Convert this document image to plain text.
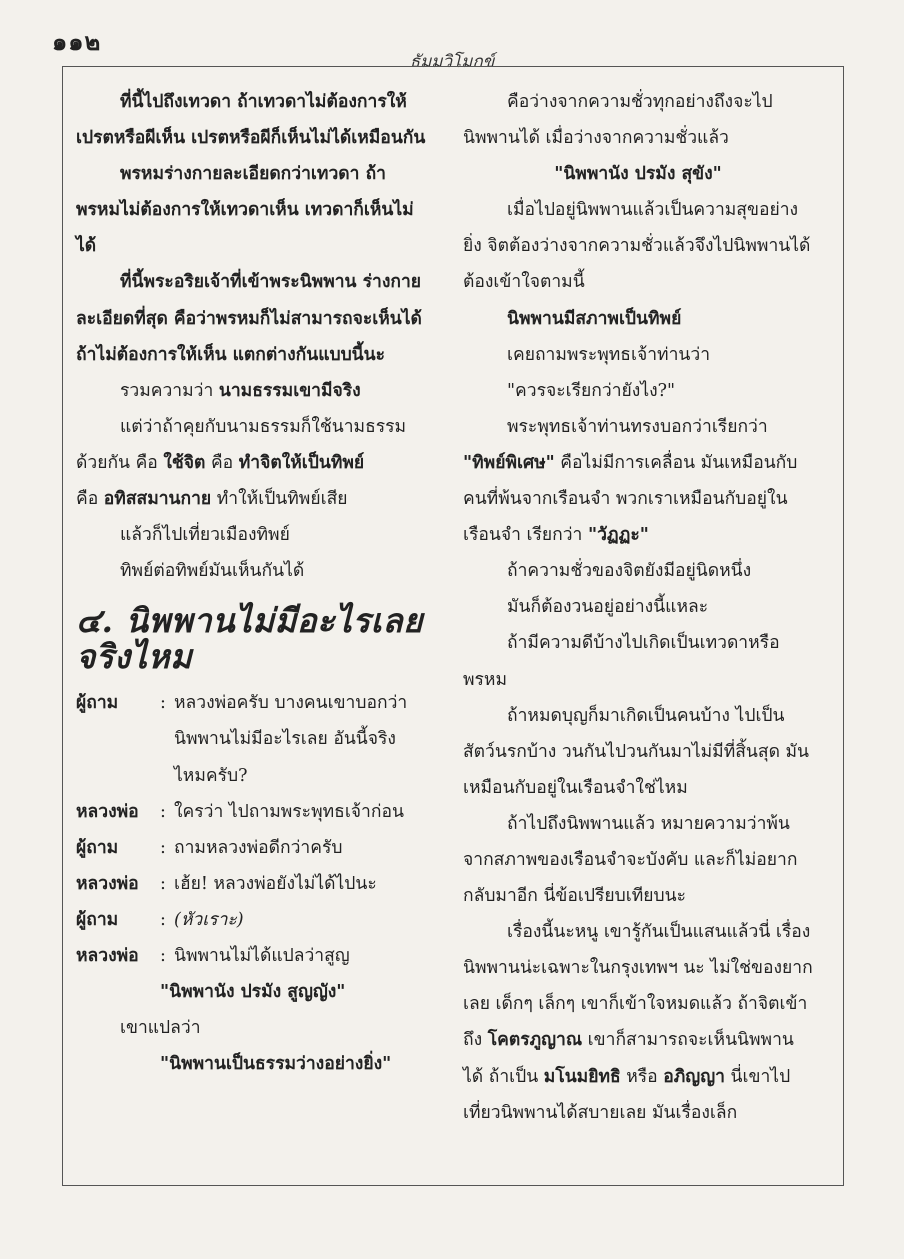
๑๑๒
ธัมมวิโมกข์

ที่นี้ไปถึงเทวดา ถ้าเทวดาไม่ต้องการให้เปรตหรือผีเห็น เปรตหรือผีก็เห็นไม่ได้เหมือนกัน

พรหมร่างกายละเอียดกว่าเทวดา ถ้าพรหมไม่ต้องการให้เทวดาเห็น เทวดาก็เห็นไม่ได้

ที่นี้พระอริยเจ้าที่เข้าพระนิพพาน ร่างกายละเอียดที่สุด คือว่าพรหมก็ไม่สามารถจะเห็นได้ ถ้าไม่ต้องการให้เห็น แตกต่างกันแบบนี้นะ

รวมความว่า นามธรรมเขามีจริง

แต่ว่าถ้าคุยกับนามธรรมก็ใช้นามธรรมด้วยกัน คือ ใช้จิต คือ ทำจิตให้เป็นทิพย์

คือ อทิสสมานกาย ทำให้เป็นทิพย์เสีย

แล้วก็ไปเที่ยวเมืองทิพย์

ทิพย์ต่อทิพย์มันเห็นกันได้

๔. นิพพานไม่มีอะไรเลยจริงไหม
ผู้ถาม	: หลวงพ่อครับ บางคนเขาบอกว่า นิพพานไม่มีอะไรเลย อันนี้จริงไหมครับ?
หลวงพ่อ	: ใครว่า ไปถามพระพุทธเจ้าก่อน
ผู้ถาม	: ถามหลวงพ่อดีกว่าครับ
หลวงพ่อ	: เฮ้ย! หลวงพ่อยังไม่ได้ไปนะ
ผู้ถาม	: (หัวเราะ)
หลวงพ่อ	: นิพพานไม่ได้แปลว่าสูญ

"นิพพานัง ปรมัง สูญญัง"

เขาแปลว่า

"นิพพานเป็นธรรมว่างอย่างยิ่ง"

คือว่างจากความชั่วทุกอย่างถึงจะไปนิพพานได้ เมื่อว่างจากความชั่วแล้ว

"นิพพานัง ปรมัง สุขัง"

เมื่อไปอยู่นิพพานแล้วเป็นความสุขอย่างยิ่ง จิตต้องว่างจากความชั่วแล้วจึงไปนิพพานได้ ต้องเข้าใจตามนี้

นิพพานมีสภาพเป็นทิพย์

เคยถามพระพุทธเจ้าท่านว่า

"ควรจะเรียกว่ายังไง?"

พระพุทธเจ้าท่านทรงบอกว่าเรียกว่า

"ทิพย์พิเศษ" คือไม่มีการเคลื่อน มันเหมือนกับคนที่พ้นจากเรือนจำ พวกเราเหมือนกับอยู่ในเรือนจำ เรียกว่า "วัฏฏะ"

ถ้าความชั่วของจิตยังมีอยู่นิดหนึ่ง

มันก็ต้องวนอยู่อย่างนี้แหละ

ถ้ามีความดีบ้างไปเกิดเป็นเทวดาหรือพรหม

ถ้าหมดบุญก็มาเกิดเป็นคนบ้าง ไปเป็นสัตว์นรกบ้าง วนกันไปวนกันมาไม่มีที่สิ้นสุด มันเหมือนกับอยู่ในเรือนจำใช่ไหม

ถ้าไปถึงนิพพานแล้ว หมายความว่าพ้นจากสภาพของเรือนจำจะบังคับ และก็ไม่อยากกลับมาอีก นี่ข้อเปรียบเทียบนะ

เรื่องนี้นะหนู เขารู้กันเป็นแสนแล้วนี่ เรื่องนิพพานน่ะเฉพาะในกรุงเทพฯ นะ ไม่ใช่ของยากเลย เด็กๆ เล็กๆ เขาก็เข้าใจหมดแล้ว ถ้าจิตเข้าถึง โคตรภูญาณ เขาก็สามารถจะเห็นนิพพานได้ ถ้าเป็น มโนมยิทธิ หรือ อภิญญา นี่เขาไปเที่ยวนิพพานได้สบายเลย มันเรื่องเล็ก
